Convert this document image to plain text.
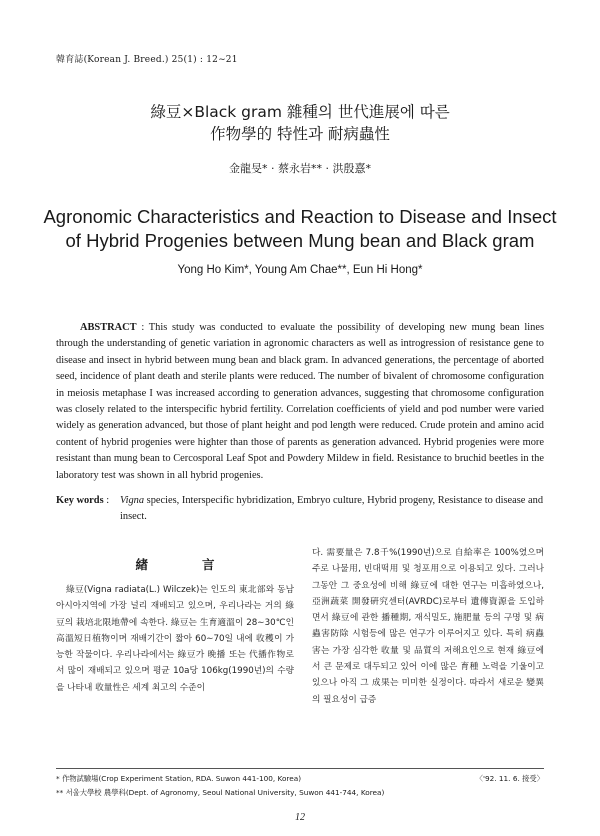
韓育誌(Korean J. Breed.) 25(1) : 12∼21
綠豆×Black gram 雜種의 世代進展에 따른
作物學的 特性과 耐病蟲性
金龍旻* · 蔡永岩** · 洪殷憙*
Agronomic Characteristics and Reaction to Disease and Insect
of Hybrid Progenies between Mung bean and Black gram
Yong Ho Kim*, Young Am Chae**, Eun Hi Hong*

ABSTRACT : This study was conducted to evaluate the possibility of developing new mung bean lines through the understanding of genetic variation in agronomic characters as well as introgression of resistance gene to disease and insect in hybrid between mung bean and black gram. In advanced generations, the percentage of aborted seed, incidence of plant death and sterile plants were reduced. The number of bivalent of chromosome configuration in meiosis metaphase I was increased according to generation advances, suggesting that chromosome configuration was closely related to the interspecific hybrid fertility. Correlation coefficients of yield and pod number were varied widely as generation advanced, but those of plant height and pod length were reduced. Crude protein and amino acid content of hybrid progenies were highter than those of parents as generation advanced. Hybrid progenies were more resistant than mung bean to Cercosporal Leaf Spot and Powdery Mildew in field. Resistance to bruchid beetles in the laboratory test was shown in all hybrid progenies.

Key words :	Vigna species, Interspecific hybridization, Embryo culture, Hybrid progeny, Resistance to disease and insect.
緖言

綠豆(Vigna radiata(L.) Wilczek)는 인도의 東北部와 동남 아시아지역에 가장 널리 재배되고 있으며, 우리나라는 거의 綠豆의 栽培北限地帶에 속한다. 綠豆는 生育適溫이 28∼30℃인 高溫短日植物이며 재배기간이 짧아 60∼70일 내에 收穫이 가능한 작물이다. 우리나라에서는 綠豆가 晩播 또는 代播作物로서 많이 재배되고 있으며 평균 10a당 106kg(1990년)의 수량을 나타내 收量性은 세계 최고의 수준이

다. 需要量은 7.8千%(1990년)으로 自給率은 100%였으며 주로 나물用, 빈대떡用 및 청포用으로 이용되고 있다. 그러나 그동안 그 중요성에 비해 綠豆에 대한 연구는 미흡하였으나, 亞洲蔬菜 開發硏究센터(AVRDC)로부터 遺傳資源을 도입하면서 綠豆에 관한 播種期, 재식밀도, 施肥量 등의 구명 및 病蟲害防除 시험등에 많은 연구가 이루어지고 있다. 특히 病蟲害는 가장 심각한 收量 및 品質의 저해요인으로 현재 綠豆에서 큰 문제로 대두되고 있어 이에 많은 育種 노력을 기울이고 있으나 아직 그 成果는 미미한 실정이다. 따라서 새로운 變異의 필요성이 급증

* 作物試驗場(Crop Experiment Station, RDA. Suwon 441-100, Korea)	〈'92. 11. 6. 接受〉
** 서울大學校 農學科(Dept. of Agronomy, Seoul National University, Suwon 441-744, Korea)
12
